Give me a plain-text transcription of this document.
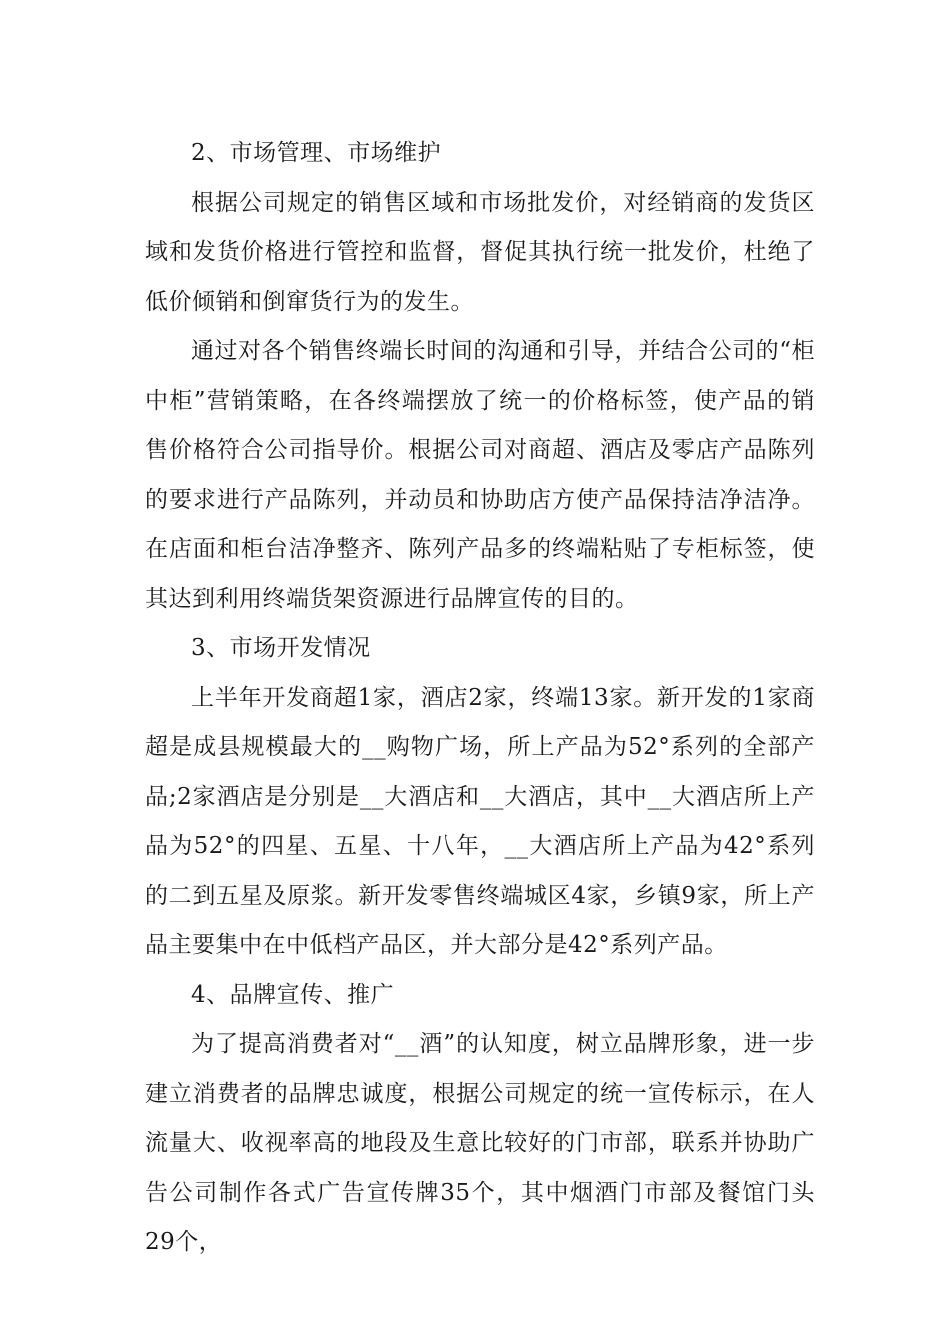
2、市场管理、市场维护

根据公司规定的销售区域和市场批发价，对经销商的发货区域和发货价格进行管控和监督，督促其执行统一批发价，杜绝了低价倾销和倒窜货行为的发生。

通过对各个销售终端长时间的沟通和引导，并结合公司的“柜中柜”营销策略，在各终端摆放了统一的价格标签，使产品的销售价格符合公司指导价。根据公司对商超、酒店及零店产品陈列的要求进行产品陈列，并动员和协助店方使产品保持洁净洁净。在店面和柜台洁净整齐、陈列产品多的终端粘贴了专柜标签，使其达到利用终端货架资源进行品牌宣传的目的。

3、市场开发情况

上半年开发商超1家，酒店2家，终端13家。新开发的1家商超是成县规模最大的__购物广场，所上产品为52°系列的全部产品;2家酒店是分别是__大酒店和__大酒店，其中__大酒店所上产品为52°的四星、五星、十八年，__大酒店所上产品为42°系列的二到五星及原浆。新开发零售终端城区4家，乡镇9家，所上产品主要集中在中低档产品区，并大部分是42°系列产品。

4、品牌宣传、推广

为了提高消费者对“__酒”的认知度，树立品牌形象，进一步建立消费者的品牌忠诚度，根据公司规定的统一宣传标示，在人流量大、收视率高的地段及生意比较好的门市部，联系并协助广告公司制作各式广告宣传牌35个，其中烟酒门市部及餐馆门头29个，
